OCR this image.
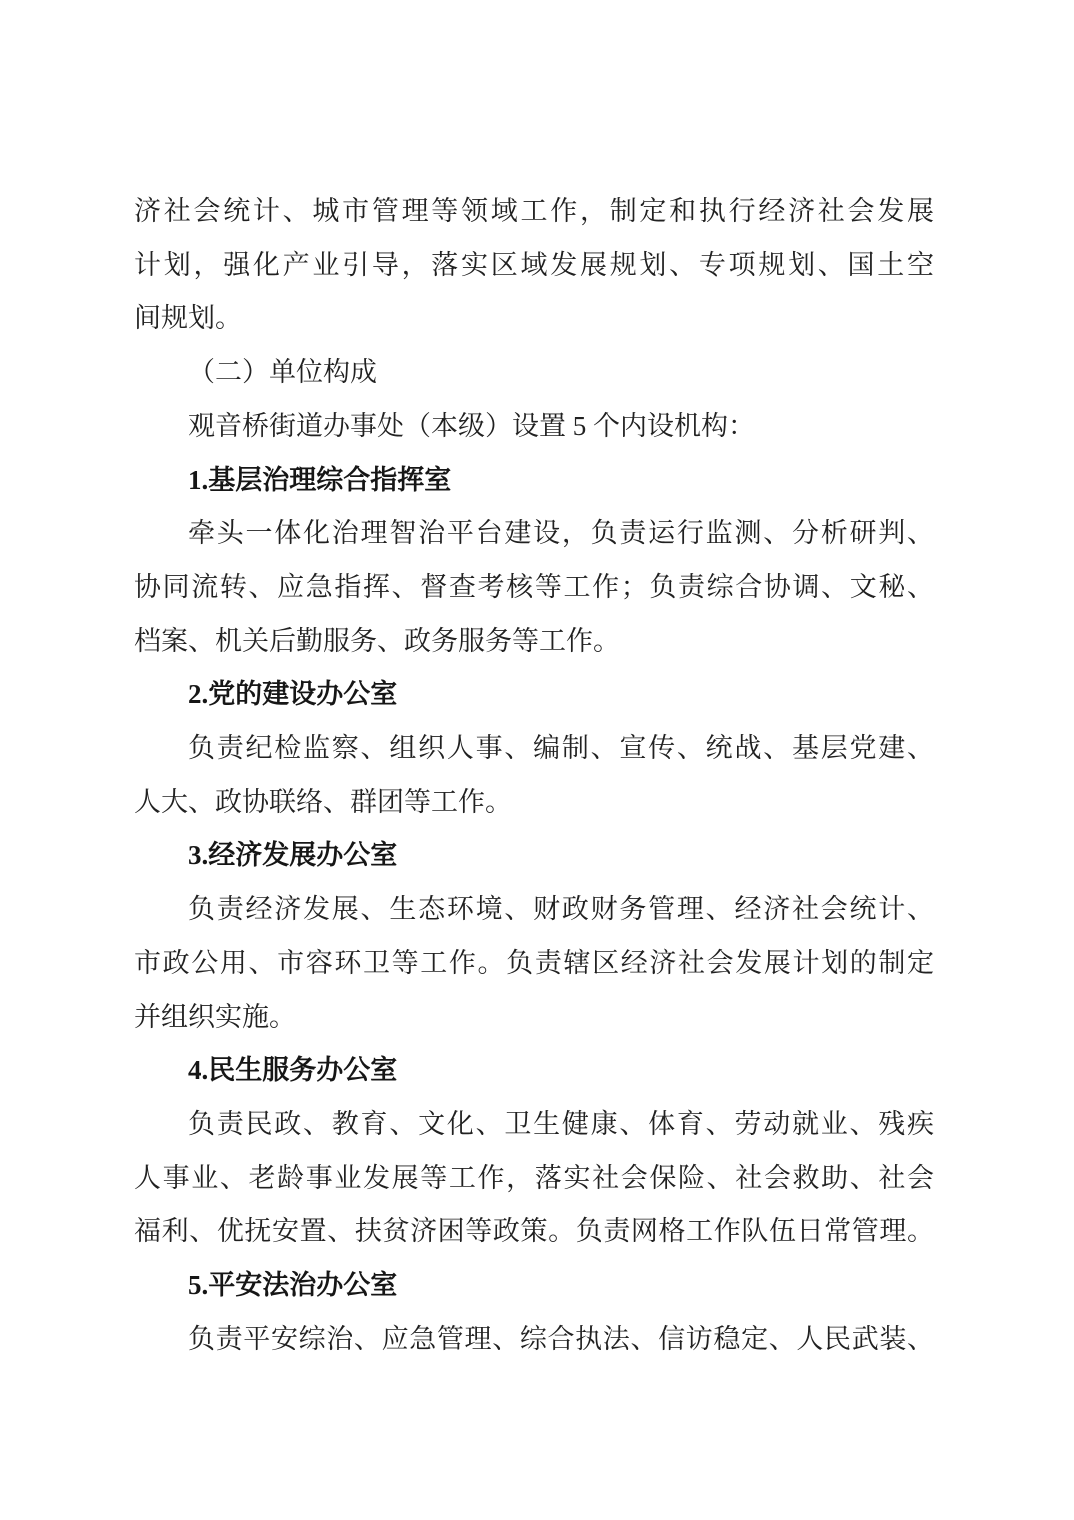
济社会统计、城市管理等领域工作，制定和执行经济社会发展
计划，强化产业引导，落实区域发展规划、专项规划、国土空
间规划。
（二）单位构成
观音桥街道办事处（本级）设置 5 个内设机构：
1.基层治理综合指挥室
牵头一体化治理智治平台建设，负责运行监测、分析研判、
协同流转、应急指挥、督查考核等工作；负责综合协调、文秘、
档案、机关后勤服务、政务服务等工作。
2.党的建设办公室
负责纪检监察、组织人事、编制、宣传、统战、基层党建、
人大、政协联络、群团等工作。
3.经济发展办公室
负责经济发展、生态环境、财政财务管理、经济社会统计、
市政公用、市容环卫等工作。负责辖区经济社会发展计划的制定
并组织实施。
4.民生服务办公室
负责民政、教育、文化、卫生健康、体育、劳动就业、残疾
人事业、老龄事业发展等工作，落实社会保险、社会救助、社会
福利、优抚安置、扶贫济困等政策。负责网格工作队伍日常管理。
5.平安法治办公室
负责平安综治、应急管理、综合执法、信访稳定、人民武装、
